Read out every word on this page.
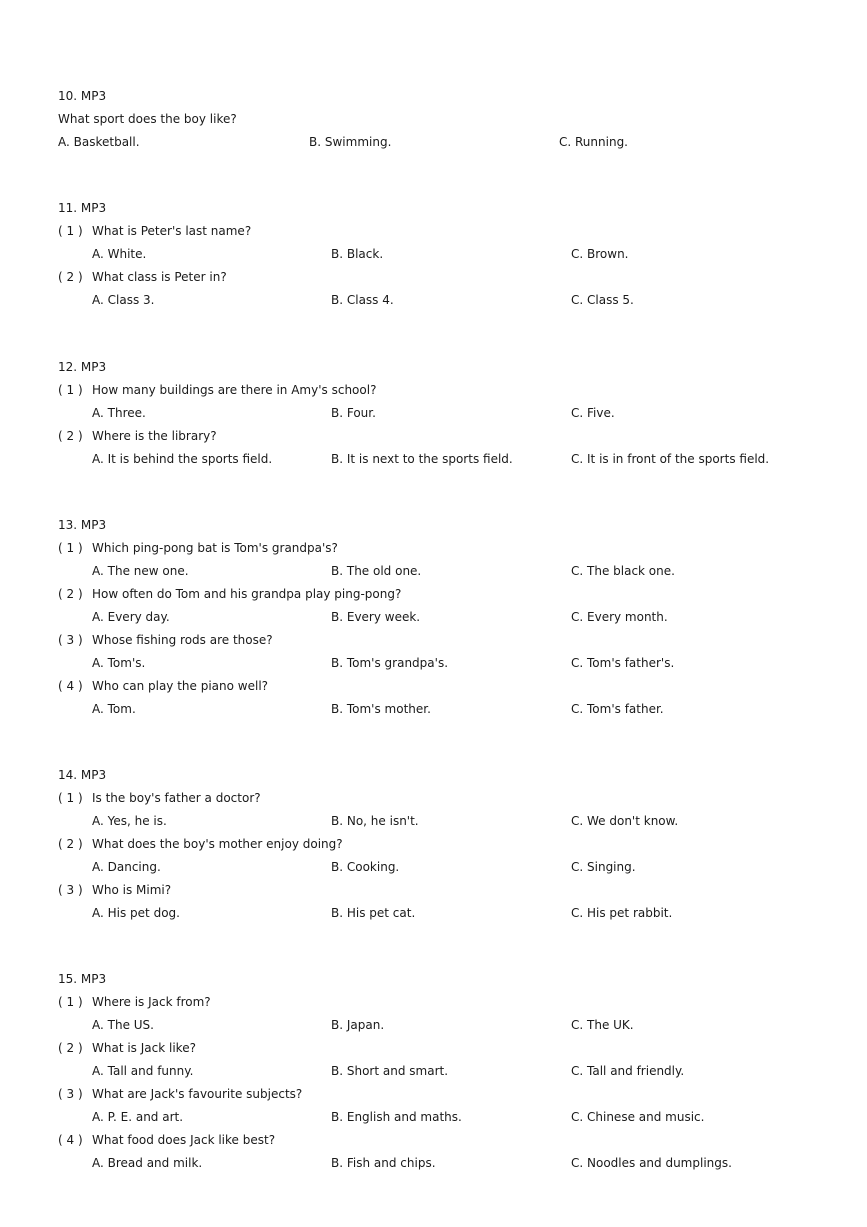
10. MP3
What sport does the boy like?
A. Basketball.	B. Swimming.	C. Running.
11. MP3
( 1 ) What is Peter's last name?
A. White.	B. Black.	C. Brown.
( 2 ) What class is Peter in?
A. Class 3.	B. Class 4.	C. Class 5.
12. MP3
( 1 ) How many buildings are there in Amy's school?
A. Three.	B. Four.	C. Five.
( 2 ) Where is the library?
A. It is behind the sports field.	B. It is next to the sports field.	C. It is in front of the sports field.
13. MP3
( 1 ) Which ping-pong bat is Tom's grandpa's?
A. The new one.	B. The old one.	C. The black one.
( 2 ) How often do Tom and his grandpa play ping-pong?
A. Every day.	B. Every week.	C. Every month.
( 3 ) Whose fishing rods are those?
A. Tom's.	B. Tom's grandpa's.	C. Tom's father's.
( 4 ) Who can play the piano well?
A. Tom.	B. Tom's mother.	C. Tom's father.
14. MP3
( 1 ) Is the boy's father a doctor?
A. Yes, he is.	B. No, he isn't.	C. We don't know.
( 2 ) What does the boy's mother enjoy doing?
A. Dancing.	B. Cooking.	C. Singing.
( 3 ) Who is Mimi?
A. His pet dog.	B. His pet cat.	C. His pet rabbit.
15. MP3
( 1 ) Where is Jack from?
A. The US.	B. Japan.	C. The UK.
( 2 ) What is Jack like?
A. Tall and funny.	B. Short and smart.	C. Tall and friendly.
( 3 ) What are Jack's favourite subjects?
A. P. E. and art.	B. English and maths.	C. Chinese and music.
( 4 ) What food does Jack like best?
A. Bread and milk.	B. Fish and chips.	C. Noodles and dumplings.
